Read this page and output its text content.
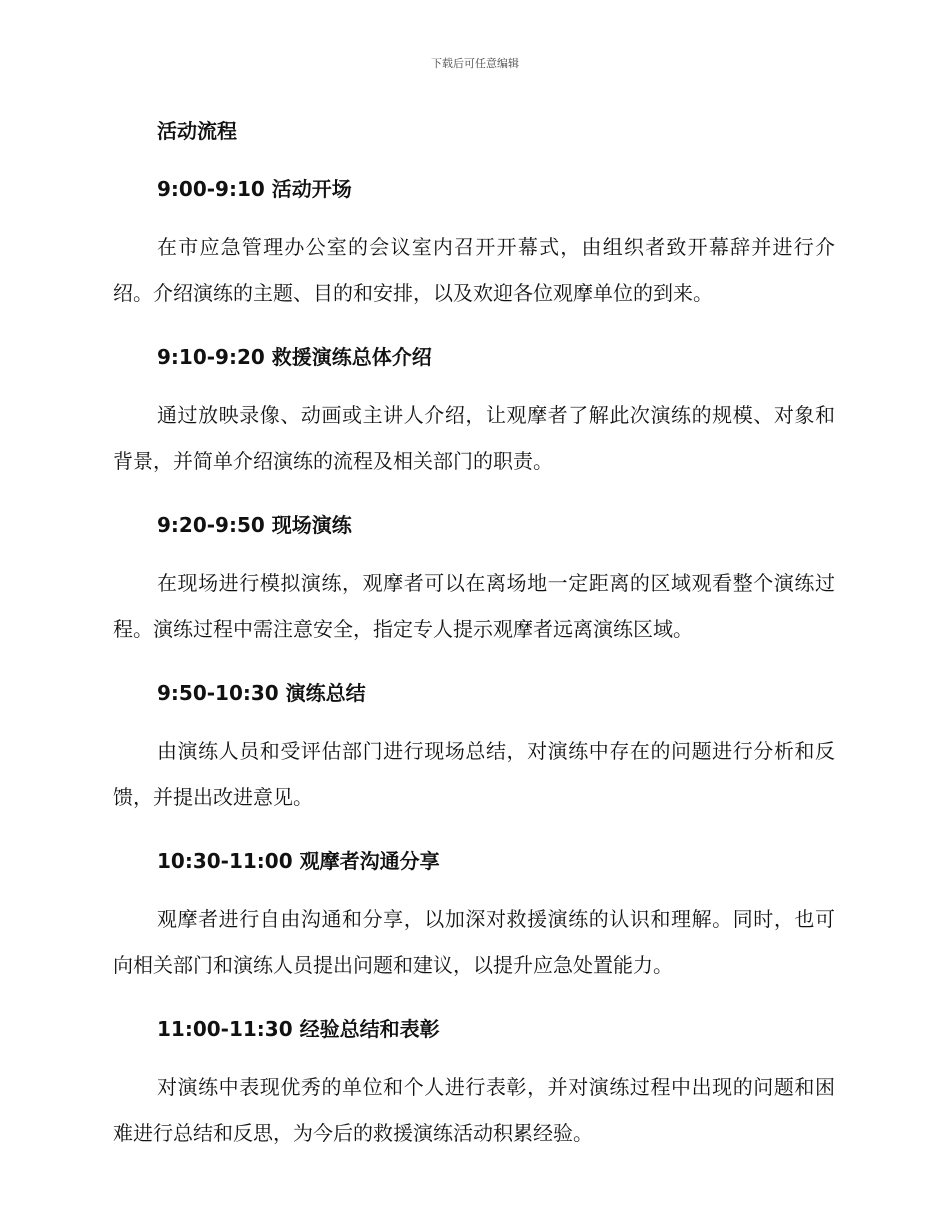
下载后可任意编辑
活动流程
9:00-9:10 活动开场

在市应急管理办公室的会议室内召开开幕式，由组织者致开幕辞并进行介绍。介绍演练的主题、目的和安排，以及欢迎各位观摩单位的到来。

9:10-9:20 救援演练总体介绍

通过放映录像、动画或主讲人介绍，让观摩者了解此次演练的规模、对象和背景，并简单介绍演练的流程及相关部门的职责。

9:20-9:50 现场演练

在现场进行模拟演练，观摩者可以在离场地一定距离的区域观看整个演练过程。演练过程中需注意安全，指定专人提示观摩者远离演练区域。

9:50-10:30 演练总结

由演练人员和受评估部门进行现场总结，对演练中存在的问题进行分析和反馈，并提出改进意见。

10:30-11:00 观摩者沟通分享

观摩者进行自由沟通和分享，以加深对救援演练的认识和理解。同时，也可向相关部门和演练人员提出问题和建议，以提升应急处置能力。

11:00-11:30 经验总结和表彰

对演练中表现优秀的单位和个人进行表彰，并对演练过程中出现的问题和困难进行总结和反思，为今后的救援演练活动积累经验。
